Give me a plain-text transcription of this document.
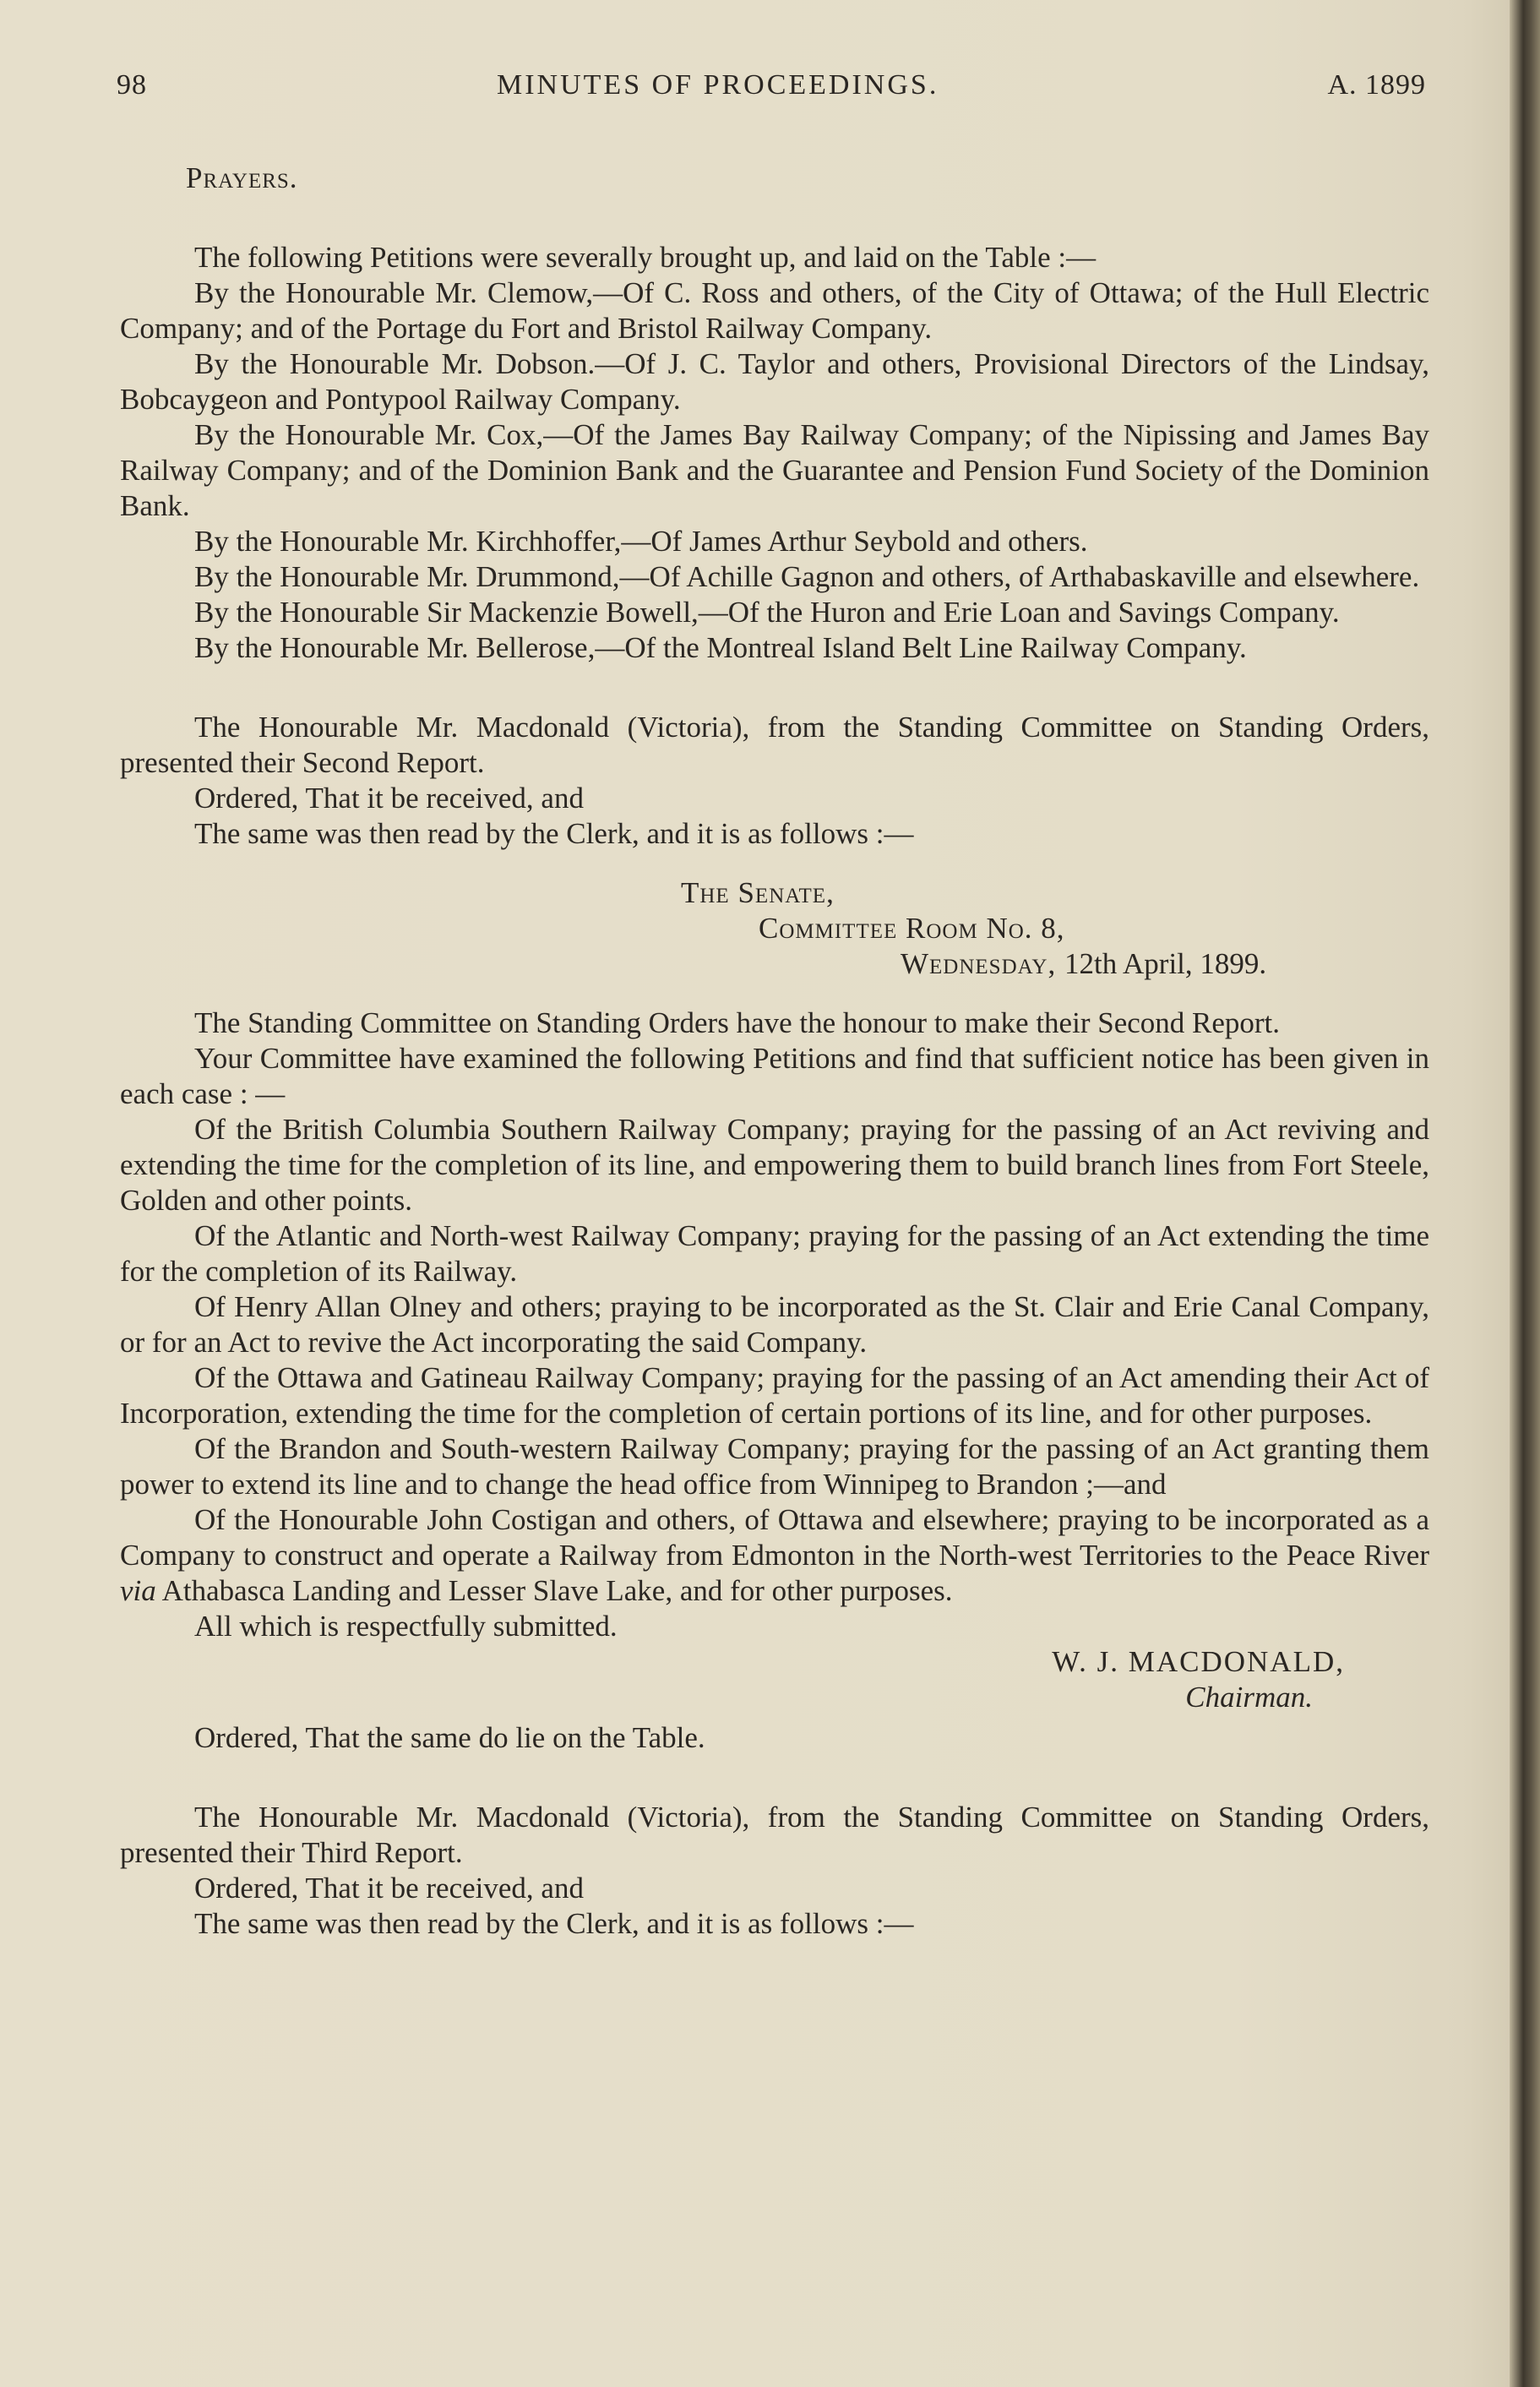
98	MINUTES OF PROCEEDINGS.	A. 1899

Prayers.

The following Petitions were severally brought up, and laid on the Table :—

By the Honourable Mr. Clemow,—Of C. Ross and others, of the City of Ottawa; of the Hull Electric Company; and of the Portage du Fort and Bristol Railway Company.

By the Honourable Mr. Dobson.—Of J. C. Taylor and others, Provisional Directors of the Lindsay, Bobcaygeon and Pontypool Railway Company.

By the Honourable Mr. Cox,—Of the James Bay Railway Company; of the Nipissing and James Bay Railway Company; and of the Dominion Bank and the Guarantee and Pension Fund Society of the Dominion Bank.

By the Honourable Mr. Kirchhoffer,—Of James Arthur Seybold and others.

By the Honourable Mr. Drummond,—Of Achille Gagnon and others, of Arthabaskaville and elsewhere.

By the Honourable Sir Mackenzie Bowell,—Of the Huron and Erie Loan and Savings Company.

By the Honourable Mr. Bellerose,—Of the Montreal Island Belt Line Railway Company.

The Honourable Mr. Macdonald (Victoria), from the Standing Committee on Standing Orders, presented their Second Report.

Ordered, That it be received, and

The same was then read by the Clerk, and it is as follows :—

The Senate,

Committee Room No. 8,

Wednesday, 12th April, 1899.

The Standing Committee on Standing Orders have the honour to make their Second Report.

Your Committee have examined the following Petitions and find that sufficient notice has been given in each case : —

Of the British Columbia Southern Railway Company; praying for the passing of an Act reviving and extending the time for the completion of its line, and empowering them to build branch lines from Fort Steele, Golden and other points.

Of the Atlantic and North-west Railway Company; praying for the passing of an Act extending the time for the completion of its Railway.

Of Henry Allan Olney and others; praying to be incorporated as the St. Clair and Erie Canal Company, or for an Act to revive the Act incorporating the said Company.

Of the Ottawa and Gatineau Railway Company; praying for the passing of an Act amending their Act of Incorporation, extending the time for the completion of certain portions of its line, and for other purposes.

Of the Brandon and South-western Railway Company; praying for the passing of an Act granting them power to extend its line and to change the head office from Winnipeg to Brandon ;—and

Of the Honourable John Costigan and others, of Ottawa and elsewhere; praying to be incorporated as a Company to construct and operate a Railway from Edmonton in the North-west Territories to the Peace River via Athabasca Landing and Lesser Slave Lake, and for other purposes.

All which is respectfully submitted.

W. J. MACDONALD,

Chairman.

Ordered, That the same do lie on the Table.

The Honourable Mr. Macdonald (Victoria), from the Standing Committee on Standing Orders, presented their Third Report.

Ordered, That it be received, and

The same was then read by the Clerk, and it is as follows :—
